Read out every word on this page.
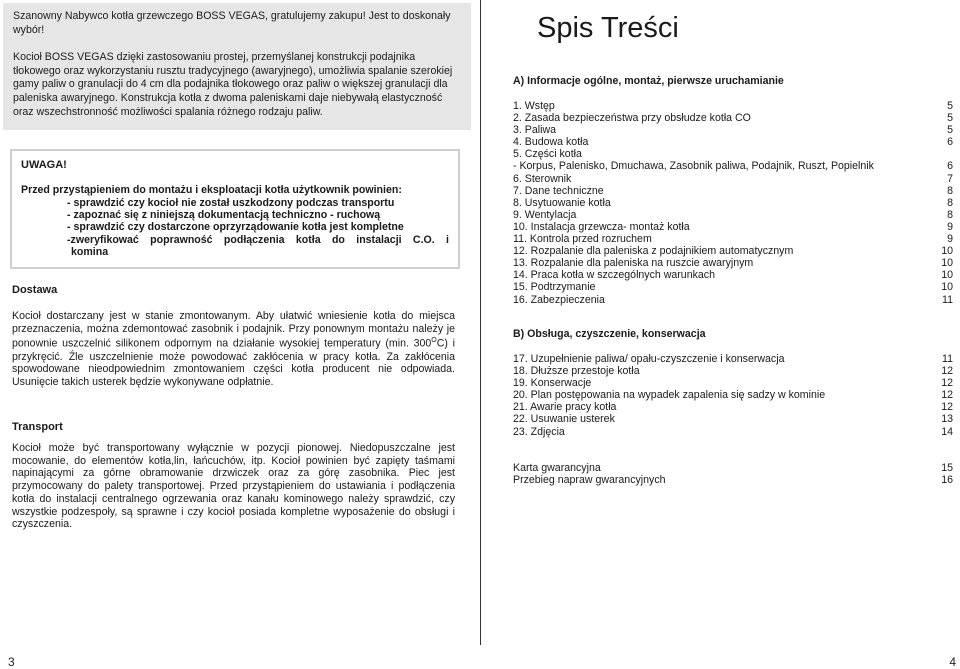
Szanowny Nabywco kotła grzewczego BOSS VEGAS, gratulujemy zakupu! Jest to doskonały wybór!

Kocioł BOSS VEGAS dzięki zastosowaniu prostej, przemyślanej konstrukcji podajnika tłokowego oraz wykorzystaniu rusztu tradycyjnego (awaryjnego), umożliwia spalanie szerokiej gamy paliw o granulacji do 4 cm dla podajnika tłokowego oraz paliw o większej granulacji dla paleniska awaryjnego. Konstrukcja kotła z dwoma paleniskami daje niebywałą elastyczność oraz wszechstronność możliwości spalania różnego rodzaju paliw.

UWAGA!
Przed przystąpieniem do montażu i eksploatacji kotła użytkownik powinien:
- sprawdzić czy kocioł nie został uszkodzony podczas transportu
- zapoznać się z niniejszą dokumentacją techniczno - ruchową
- sprawdzić czy dostarczone oprzyrządowanie kotła jest kompletne
-zweryfikować poprawność podłączenia kotła do instalacji C.O. i
komina
Dostawa

Kocioł dostarczany jest w stanie zmontowanym. Aby ułatwić wniesienie kotła do miejsca przeznaczenia, można zdemontować zasobnik i podajnik. Przy ponownym montażu należy je ponownie uszczelnić silikonem odpornym na działanie wysokiej temperatury (min. $300^OC$) i przykręcić. Źle uszczelnienie może powodować zakłócenia w pracy kotła. Za zakłócenia spowodowane nieodpowiednim zmontowaniem części kotła producent nie odpowiada. Usunięcie takich usterek będzie wykonywane odpłatnie.

Transport

Kocioł może być transportowany wyłącznie w pozycji pionowej. Niedopuszczalne jest mocowanie, do elementów kotła,lin, łańcuchów, itp. Kocioł powinien być zapięty taśmami napinającymi za górne obramowanie drzwiczek oraz za górę zasobnika. Piec jest przymocowany do palety transportowej. Przed przystąpieniem do ustawiania i podłączenia kotła do instalacji centralnego ogrzewania oraz kanału kominowego należy sprawdzić, czy wszystkie podzespoły, są sprawne i czy kocioł posiada kompletne wyposażenie do obsługi i czyszczenia.

3
Spis Treści
A) Informacje ogólne, montaż, pierwsze uruchamianie
1. Wstęp	5
2. Zasada bezpieczeństwa przy obsłudze kotła CO	5
3. Paliwa	5
4. Budowa kotła	6
5. Części kotła
- Korpus, Palenisko, Dmuchawa, Zasobnik paliwa, Podajnik, Ruszt, Popielnik	6
6. Sterownik	7
7. Dane techniczne	8
8. Usytuowanie kotła	8
9. Wentylacja	8
10. Instalacja grzewcza- montaż kotła	9
11. Kontrola przed rozruchem	9
12. Rozpalanie dla paleniska z podajnikiem automatycznym	10
13. Rozpalanie dla paleniska na ruszcie awaryjnym	10
14. Praca kotła w szczególnych warunkach	10
15. Podtrzymanie	10
16. Zabezpieczenia	11
B) Obsługa, czyszczenie, konserwacja
17. Uzupełnienie paliwa/ opału-czyszczenie i konserwacja	11
18. Dłuższe przestoje kotła	12
19. Konserwacje	12
20. Plan postępowania na wypadek zapalenia się sadzy w kominie	12
21. Awarie pracy kotła	12
22. Usuwanie usterek	13
23. Zdjęcia	14
Karta gwarancyjna	15
Przebieg napraw gwarancyjnych	16
4
